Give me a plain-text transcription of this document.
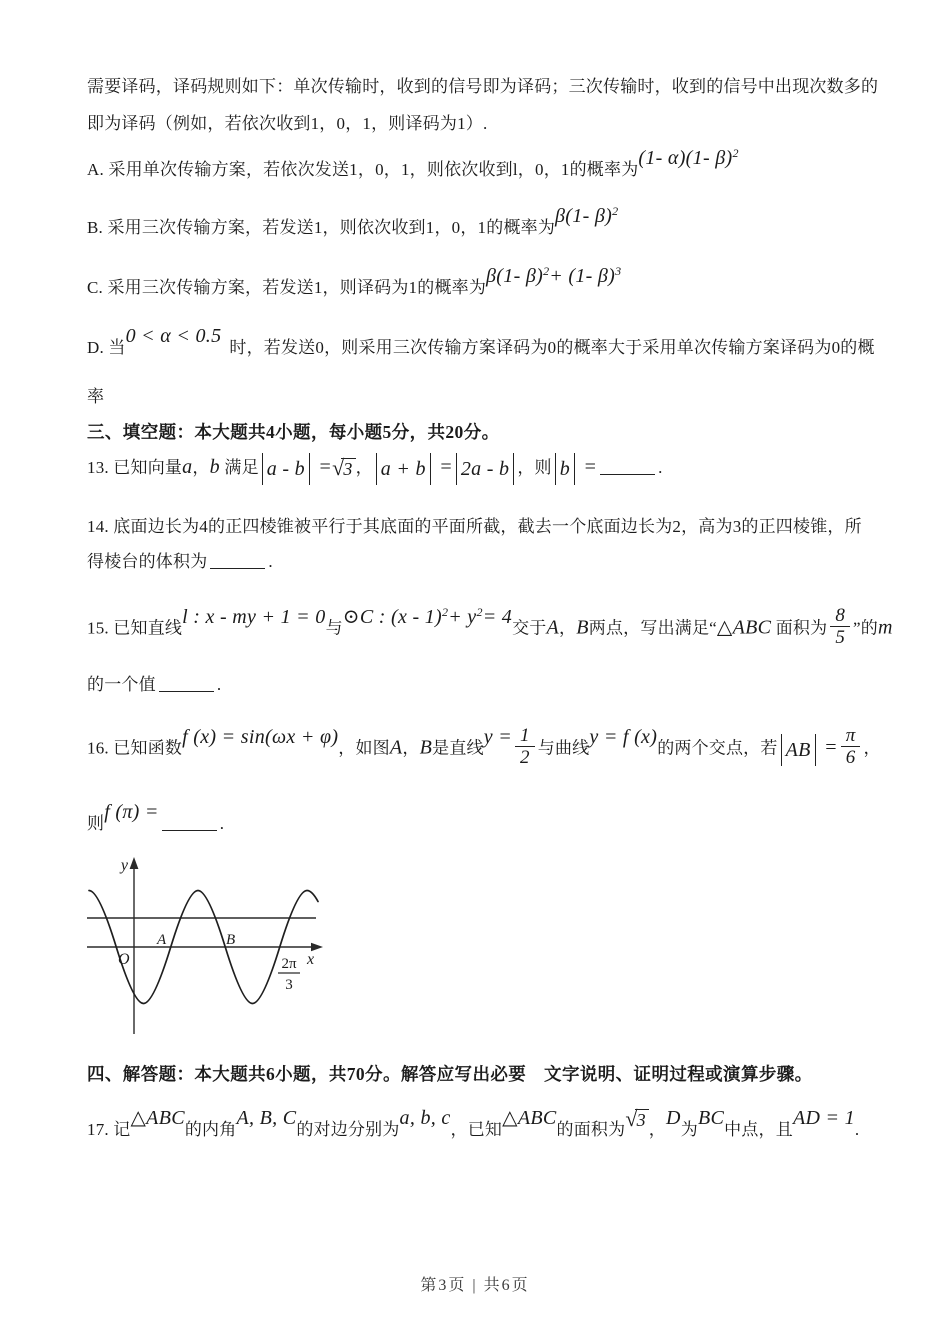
需要译码，译码规则如下：单次传输时，收到的信号即为译码；三次传输时，收到的信号中出现次数多的
即为译码（例如，若依次收到1，0，1，则译码为1）.
A. 采用单次传输方案，若依次发送1，0，1，则依次收到l，0，1的概率为(1- α)(1- β)$^2$
B. 采用三次传输方案，若发送1，则依次收到1，0，1的概率为β(1- β)$^2$
C. 采用三次传输方案，若发送1，则译码为1的概率为β(1- β)$^2$+ (1- β)$^3$
D. 当0 < α < 0.5时，若发送0，则采用三次传输方案译码为0的概率大于采用单次传输方案译码为0的概
率
三、填空题：本大题共4小题，每小题5分，共20分。
13. 已知向量a，b 满足 a - b =√3 ， a + b = 2a - b ，则 b =	.
14. 底面边长为4的正四棱锥被平行于其底面的平面所截，截去一个底面边长为2，高为3的正四棱锥，所
得棱台的体积为	.
15. 已知直线l : x - my + 1 = 0与⊙C : $(x - 1)^2+ y^2= 4$交于A，B两点，写出满足“△ABC 面积为 $\frac{8}{5}$ ”的m
的一个值	.
16. 已知函数f (x) = sin(ωx + φ)，如图A，B是直线$y = \frac{1}{2}$ 与曲线y = f (x)的两个交点，若 AB = $\frac{\pi}{6}$ ，
则f (π) =.
y
x
O
A	B
2π
3
四、解答题：本大题共6小题，共70分。解答应写出必要　文字说明、证明过程或演算步骤。
17. 记△ABC的内角A, B, C的对边分别为a, b, c，已知△ABC的面积为√3 ，D为BC中点，且AD = 1.
第3页 | 共6页
